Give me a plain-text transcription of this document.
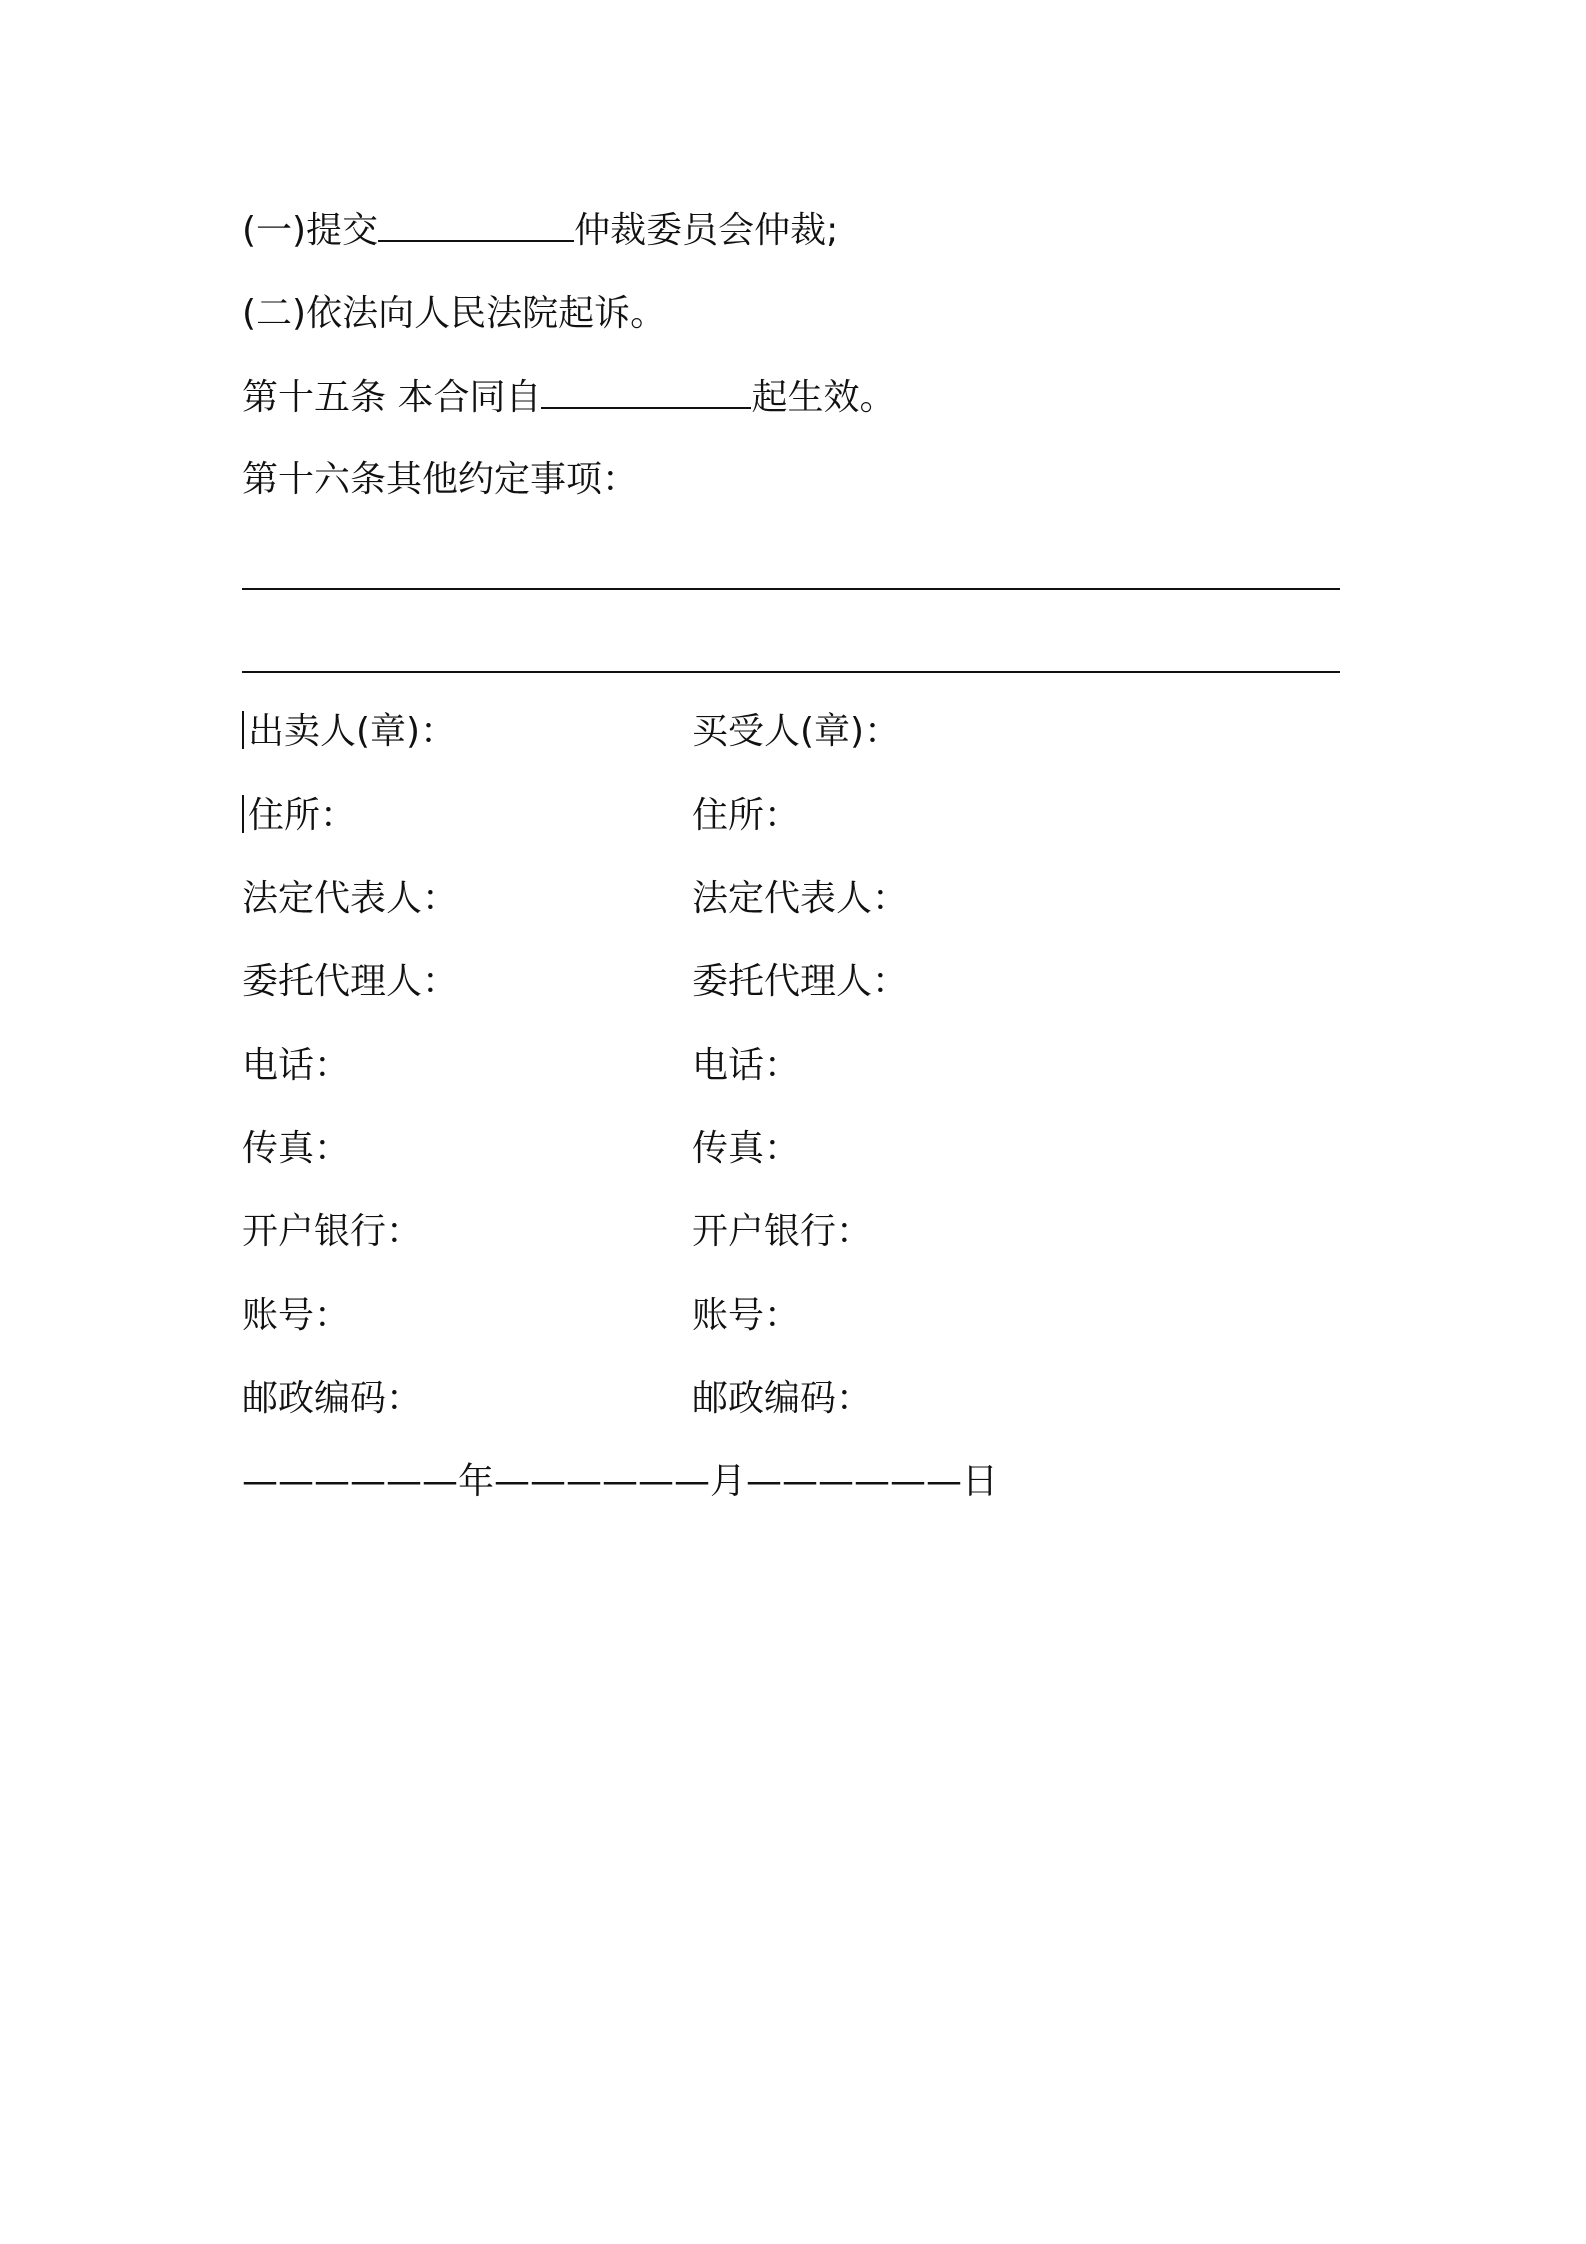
(一)提交	仲裁委员会仲裁;
(二)依法向人民法院起诉。
第十五条 本合同自	起生效。
第十六条其他约定事项：
出卖人(章)：	买受人(章)：
住所：	住所：
法定代表人：	法定代表人：
委托代理人：	委托代理人：
电话：	电话：
传真：	传真：
开户银行：	开户银行：
账号：	账号：
邮政编码：	邮政编码：
——————年——————月——————日
